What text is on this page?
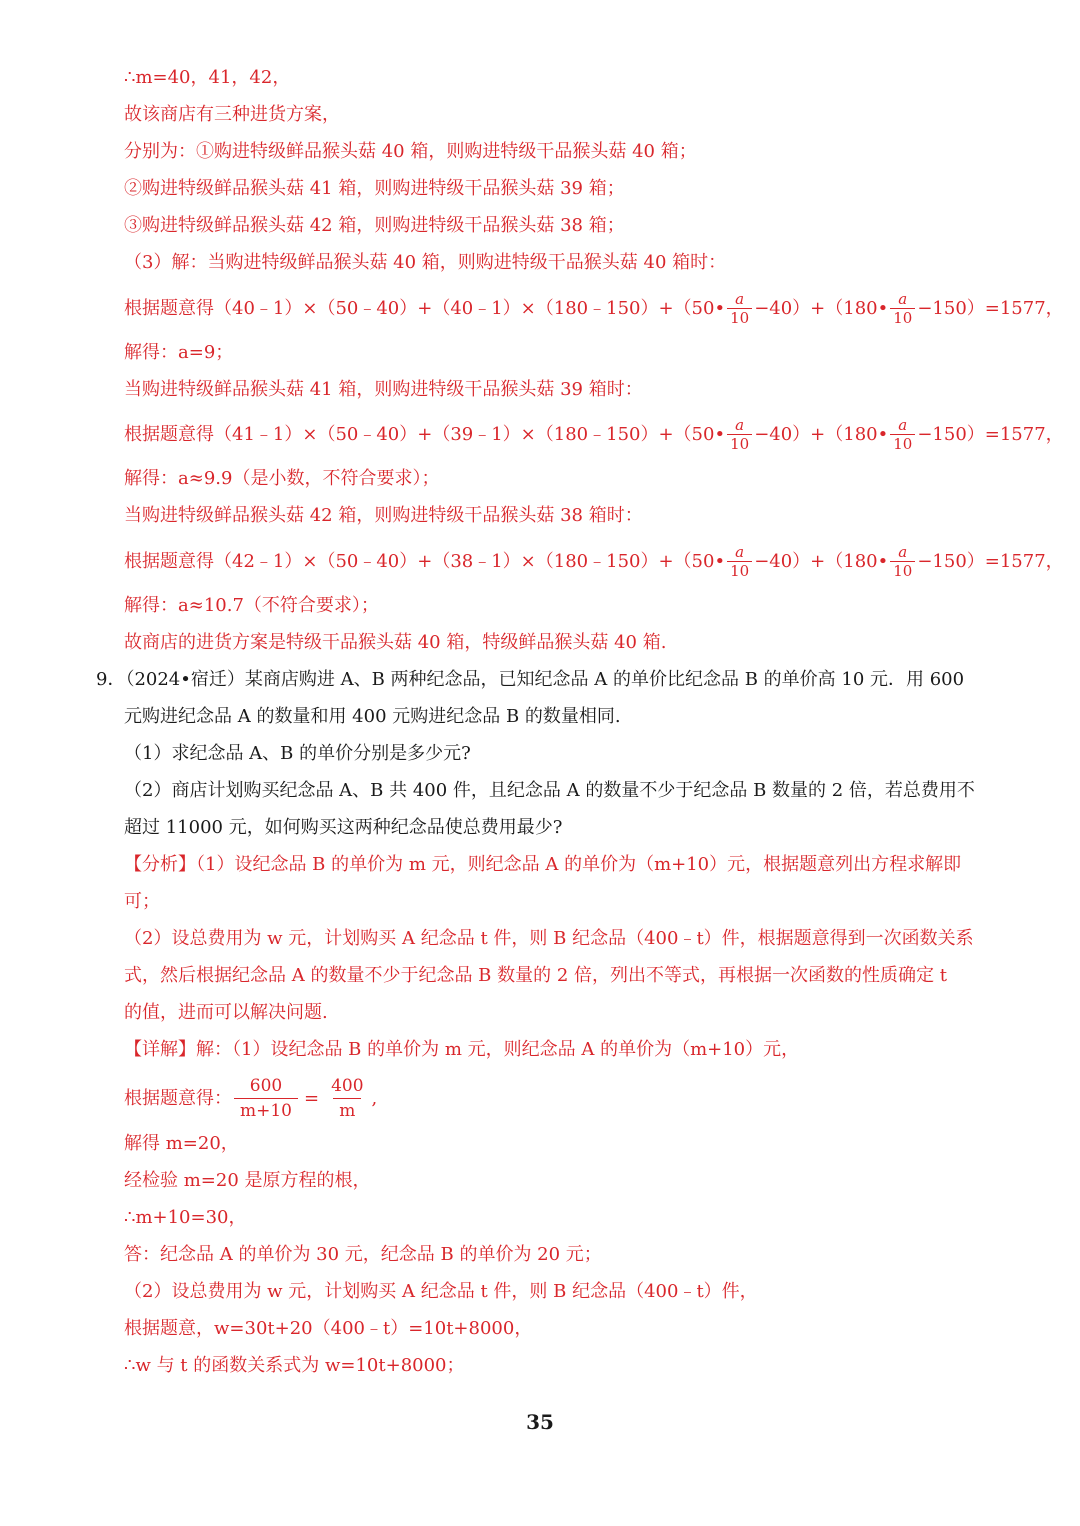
∴m=40，41，42，
故该商店有三种进货方案，
分别为：①购进特级鲜品猴头菇 40 箱，则购进特级干品猴头菇 40 箱；
②购进特级鲜品猴头菇 41 箱，则购进特级干品猴头菇 39 箱；
③购进特级鲜品猴头菇 42 箱，则购进特级干品猴头菇 38 箱；
（3）解：当购进特级鲜品猴头菇 40 箱，则购进特级干品猴头菇 40 箱时：
根据题意得（40﹣1）×（50﹣40）+（40﹣1）×（180﹣150）+（50• $\frac{a}{10}$ −40）+（180• $\frac{a}{10} -150)=1577$，
解得：a=9；
当购进特级鲜品猴头菇 41 箱，则购进特级干品猴头菇 39 箱时：
根据题意得（41﹣1）×（50﹣40）+（39﹣1）×（180﹣150）+（50• $\frac{a}{10}$ −40）+（180• $\frac{a}{10} -150)=1577$，
解得：a≈9.9（是小数，不符合要求）；
当购进特级鲜品猴头菇 42 箱，则购进特级干品猴头菇 38 箱时：
根据题意得（42﹣1）×（50﹣40）+（38﹣1）×（180﹣150）+（50• $\frac{a}{10}$ −40）+（180• $\frac{a}{10} -150)=1577$，
解得：a≈10.7（不符合要求）；
故商店的进货方案是特级干品猴头菇 40 箱，特级鲜品猴头菇 40 箱.
9．（2024•宿迁）某商店购进 A、B 两种纪念品，已知纪念品 A 的单价比纪念品 B 的单价高 10 元．用 600
元购进纪念品 A 的数量和用 400 元购进纪念品 B 的数量相同.
（1）求纪念品 A、B 的单价分别是多少元?
（2）商店计划购买纪念品 A、B 共 400 件，且纪念品 A 的数量不少于纪念品 B 数量的 2 倍，若总费用不
超过 11000 元，如何购买这两种纪念品使总费用最少?
【分析】（1）设纪念品 B 的单价为 m 元，则纪念品 A 的单价为（m+10）元，根据题意列出方程求解即
可；
（2）设总费用为 w 元，计划购买 A 纪念品 t 件，则 B 纪念品（400﹣t）件，根据题意得到一次函数关系
式，然后根据纪念品 A 的数量不少于纪念品 B 数量的 2 倍，列出不等式，再根据一次函数的性质确定 t
的值，进而可以解决问题.
【详解】解：（1）设纪念品 B 的单价为 m 元，则纪念品 A 的单价为（m+10）元，
根据题意得： $\frac{600}{m+10} = \frac{400}{m}$ ,
解得 m=20，
经检验 m=20 是原方程的根，
∴m+10=30，
答：纪念品 A 的单价为 30 元，纪念品 B 的单价为 20 元；
（2）设总费用为 w 元，计划购买 A 纪念品 t 件，则 B 纪念品（400﹣t）件，
根据题意，w=30t+20（400﹣t）=10t+8000，
∴w 与 t 的函数关系式为 w=10t+8000；
35
